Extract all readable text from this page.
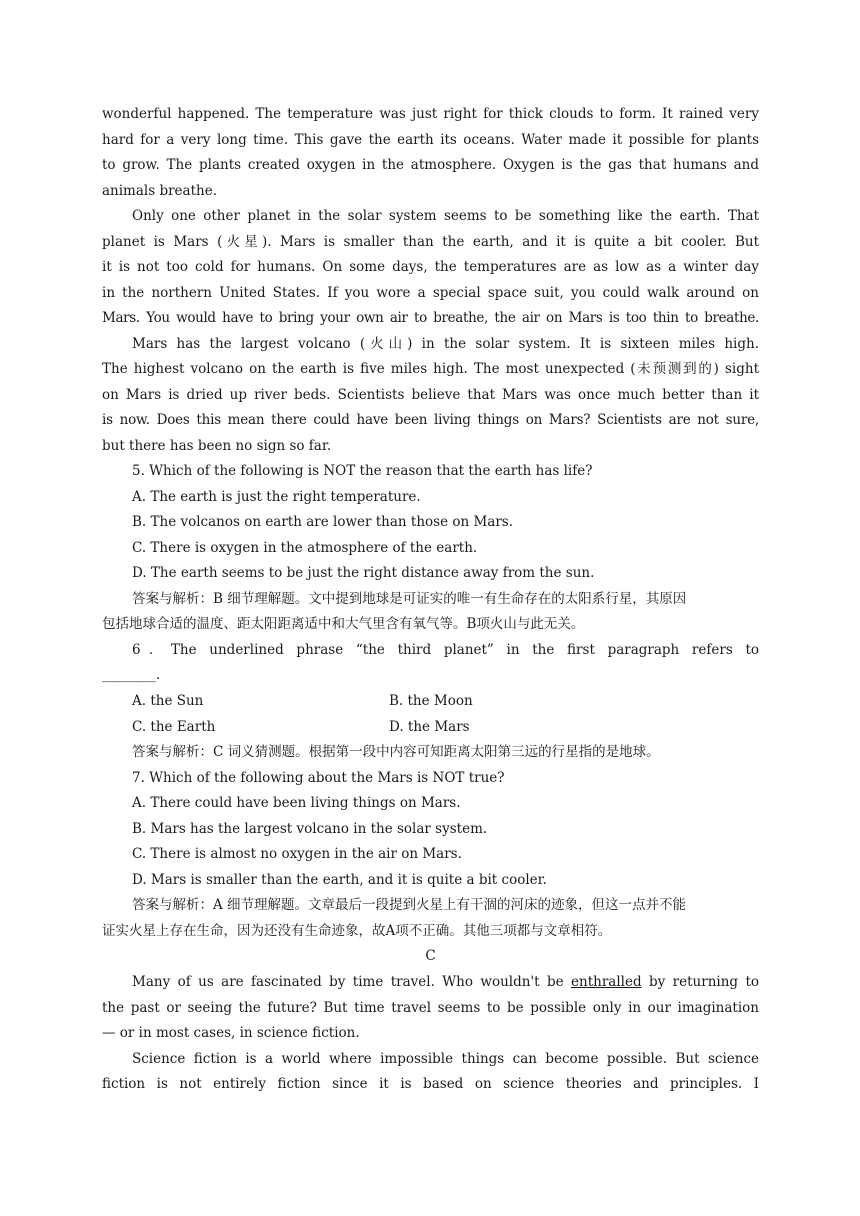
wonderful happened. The temperature was just right for thick clouds to form. It rained very
hard for a very long time. This gave the earth its oceans. Water made it possible for plants
to grow. The plants created oxygen in the atmosphere. Oxygen is the gas that humans and
animals breathe.
Only one other planet in the solar system seems to be something like the earth. That
planet is Mars (火星). Mars is smaller than the earth, and it is quite a bit cooler. But
it is not too cold for humans. On some days, the temperatures are as low as a winter day
in the northern United States. If you wore a special space suit, you could walk around on
Mars. You would have to bring your own air to breathe, the air on Mars is too thin to breathe.
Mars has the largest volcano (火山) in the solar system. It is sixteen miles high.
The highest volcano on the earth is five miles high. The most unexpected (未预测到的) sight
on Mars is dried up river beds. Scientists believe that Mars was once much better than it
is now. Does this mean there could have been living things on Mars? Scientists are not sure,
but there has been no sign so far.
5. Which of the following is NOT the reason that the earth has life?
A. The earth is just the right temperature.
B. The volcanos on earth are lower than those on Mars.
C. There is oxygen in the atmosphere of the earth.
D. The earth seems to be just the right distance away from the sun.
答案与解析：B 细节理解题。文中提到地球是可证实的唯一有生命存在的太阳系行星，其原因
包括地球合适的温度、距太阳距离适中和大气里含有氧气等。B项火山与此无关。
6．The underlined phrase “the third planet” in the first paragraph refers to
________.
A. the Sun	B. the Moon
C. the Earth	D. the Mars
答案与解析：C 词义猜测题。根据第一段中内容可知距离太阳第三远的行星指的是地球。
7. Which of the following about the Mars is NOT true?
A. There could have been living things on Mars.
B. Mars has the largest volcano in the solar system.
C. There is almost no oxygen in the air on Mars.
D. Mars is smaller than the earth, and it is quite a bit cooler.
答案与解析：A 细节理解题。文章最后一段提到火星上有干涸的河床的迹象，但这一点并不能
证实火星上存在生命，因为还没有生命迹象，故A项不正确。其他三项都与文章相符。
C
Many of us are fascinated by time travel. Who wouldn't be enthralled by returning to
the past or seeing the future? But time travel seems to be possible only in our imagination
— or in most cases, in science fiction.
Science fiction is a world where impossible things can become possible. But science
fiction is not entirely fiction since it is based on science theories and principles. I
